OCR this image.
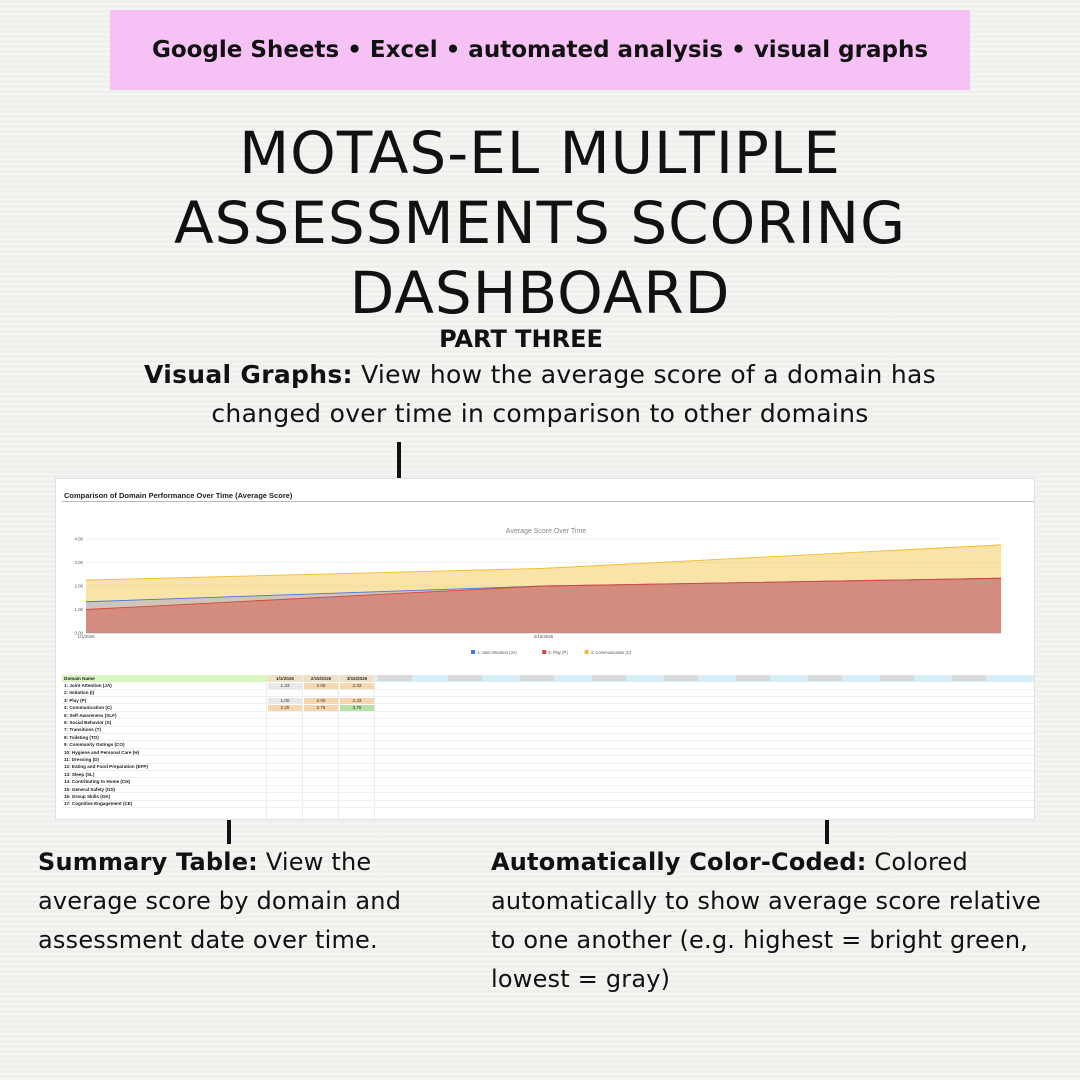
Google Sheets • Excel • automated analysis • visual graphs
MOTAS-EL MULTIPLE
ASSESSMENTS SCORING
DASHBOARD
PART THREE
Visual Graphs: View how the average score of a domain has changed over time in comparison to other domains
Comparison of Domain Performance Over Time (Average Score)
Average Score Over Time
0.00
1.00
2.00
3.00
4.00
1/1/2026	2/15/2026
1: Joint Attention (JA)	3: Play (P)	4: Communication (C)
Domain Name	1/1/2026	2/15/2026	3/15/2026
1: Joint Attention (JA)	1.33	2.00	2.33
2: Imitation (I)
3: Play (P)	1.00	2.00	2.33
4: Communication (C)	2.25	2.75	3.75
5: Self-Awareness (SLF)
6: Social Behavior (S)
7: Transitions (T)
8: Toileting (TO)
9: Community Outings (CO)
10: Hygiene and Personal Care (H)
11: Dressing (D)
12: Eating and Food Preparation (EFP)
13: Sleep (SL)
14: Contributing to Home (CH)
15: General Safety (GS)
16: Group Skills (GK)
17: Cognitive Engagement (CE)
Summary Table: View the average score by domain and assessment date over time.
Automatically Color-Coded: Colored automatically to show average score relative to one another (e.g. highest = bright green, lowest = gray)
